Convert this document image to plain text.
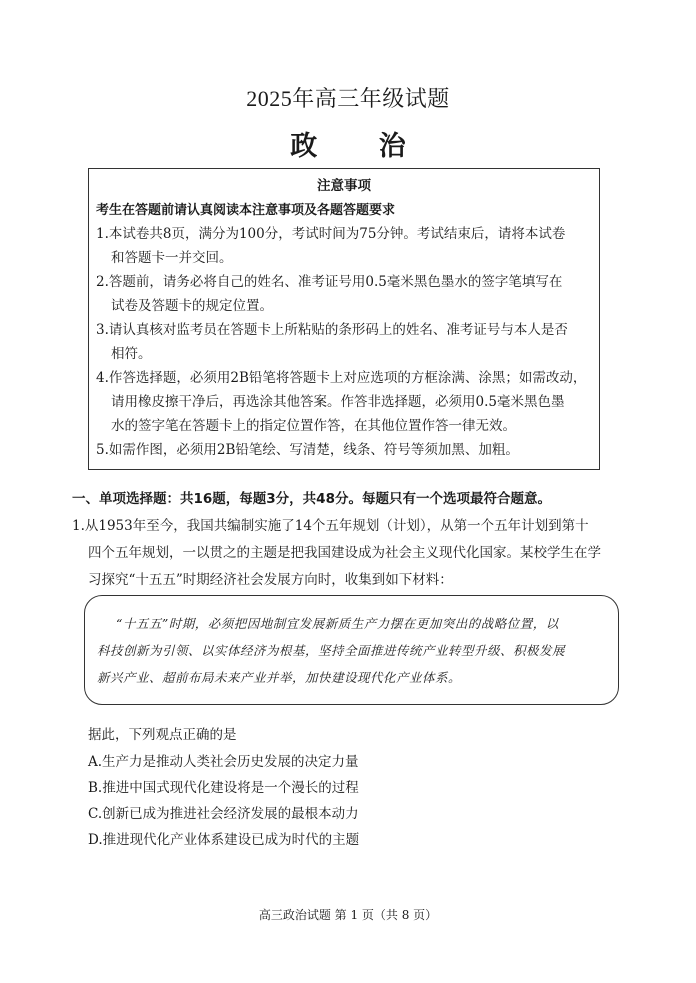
2025年高三年级试题
政 治
注意事项
考生在答题前请认真阅读本注意事项及各题答题要求
1.本试卷共8页，满分为100分，考试时间为75分钟。考试结束后，请将本试卷
和答题卡一并交回。
2.答题前，请务必将自己的姓名、准考证号用0.5毫米黑色墨水的签字笔填写在
试卷及答题卡的规定位置。
3.请认真核对监考员在答题卡上所粘贴的条形码上的姓名、准考证号与本人是否
相符。
4.作答选择题，必须用2B铅笔将答题卡上对应选项的方框涂满、涂黑；如需改动，
请用橡皮擦干净后，再选涂其他答案。作答非选择题，必须用0.5毫米黑色墨
水的签字笔在答题卡上的指定位置作答，在其他位置作答一律无效。
5.如需作图，必须用2B铅笔绘、写清楚，线条、符号等须加黑、加粗。
一、单项选择题：共16题，每题3分，共48分。每题只有一个选项最符合题意。
1.从1953年至今，我国共编制实施了14个五年规划（计划），从第一个五年计划到第十
四个五年规划，一以贯之的主题是把我国建设成为社会主义现代化国家。某校学生在学
习探究“十五五”时期经济社会发展方向时，收集到如下材料：
“十五五”时期，必须把因地制宜发展新质生产力摆在更加突出的战略位置，以
科技创新为引领、以实体经济为根基，坚持全面推进传统产业转型升级、积极发展
新兴产业、超前布局未来产业并举，加快建设现代化产业体系。
据此，下列观点正确的是
A.生产力是推动人类社会历史发展的决定力量
B.推进中国式现代化建设将是一个漫长的过程
C.创新已成为推进社会经济发展的最根本动力
D.推进现代化产业体系建设已成为时代的主题
高三政治试题 第 1 页（共 8 页）
